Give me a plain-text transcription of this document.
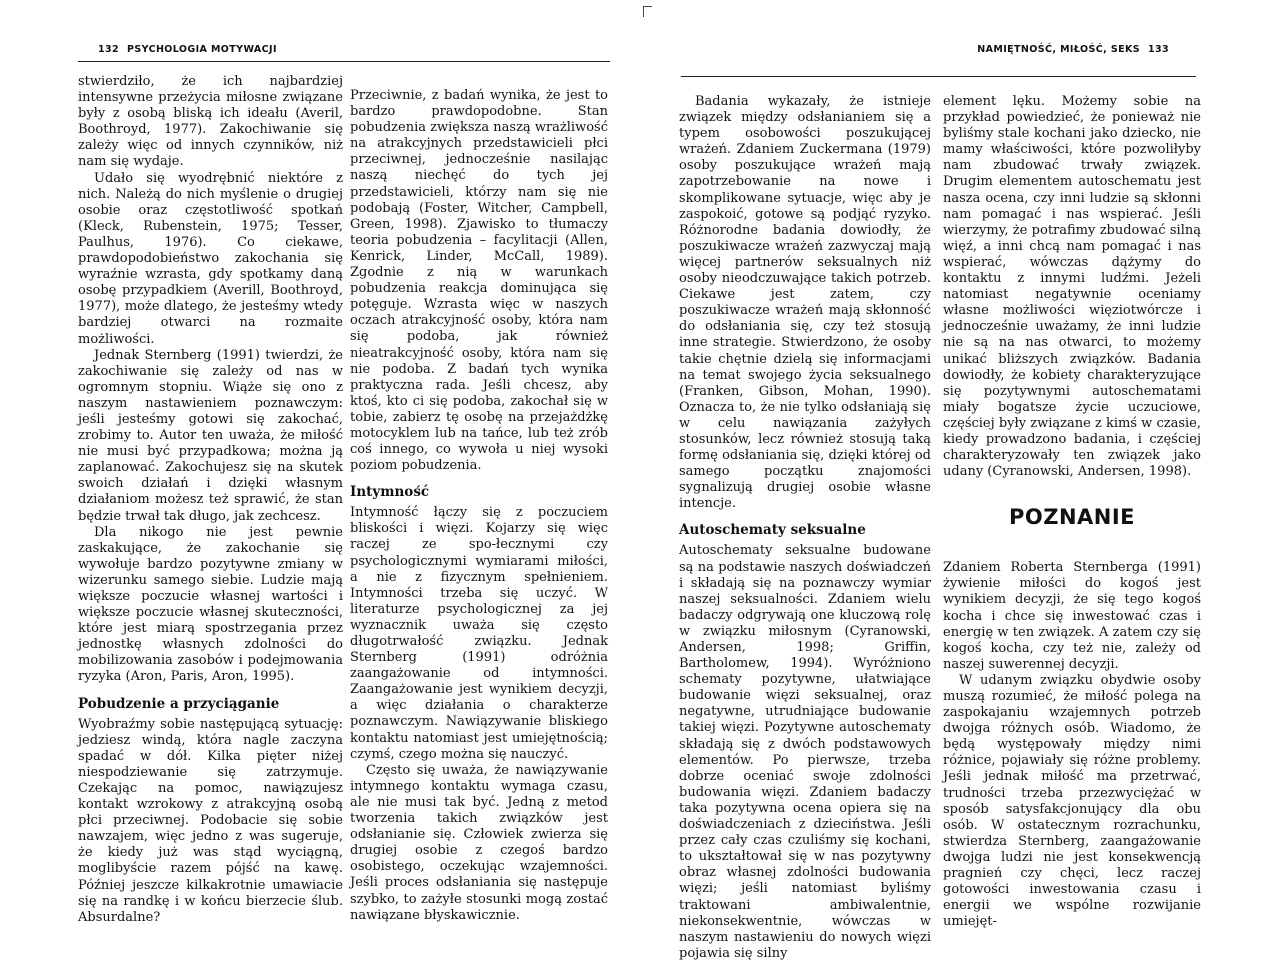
132 PSYCHOLOGIA MOTYWACJI

stwierdziło, że ich najbardziej intensywne przeżycia miłosne związane były z osobą bliską ich ideału (Averil, Boothroyd, 1977). Zakochiwanie się zależy więc od innych czynników, niż nam się wydaje.

Udało się wyodrębnić niektóre z nich. Należą do nich myślenie o drugiej osobie oraz częstotliwość spotkań (Kleck, Rubenstein, 1975; Tesser, Paulhus, 1976). Co ciekawe, prawdopodobieństwo zakochania się wyraźnie wzrasta, gdy spotkamy daną osobę przypadkiem (Averill, Boothroyd, 1977), może dlatego, że jesteśmy wtedy bardziej otwarci na rozmaite możliwości.

Jednak Sternberg (1991) twierdzi, że zakochiwanie się zależy od nas w ogromnym stopniu. Wiąże się ono z naszym nastawieniem poznawczym: jeśli jesteśmy gotowi się zakochać, zrobimy to. Autor ten uważa, że miłość nie musi być przypadkowa; można ją zaplanować. Zakochujesz się na skutek swoich działań i dzięki własnym działaniom możesz też sprawić, że stan będzie trwał tak długo, jak zechcesz.

Dla nikogo nie jest pewnie zaskakujące, że zakochanie się wywołuje bardzo pozytywne zmiany w wizerunku samego siebie. Ludzie mają większe poczucie własnej wartości i większe poczucie własnej skuteczności, które jest miarą spostrzegania przez jednostkę własnych zdolności do mobilizowania zasobów i podejmowania ryzyka (Aron, Paris, Aron, 1995).

Pobudzenie a przyciąganie

Wyobraźmy sobie następującą sytuację: jedziesz windą, która nagle zaczyna spadać w dół. Kilka pięter niżej niespodziewanie się zatrzymuje. Czekając na pomoc, nawiązujesz kontakt wzrokowy z atrakcyjną osobą płci przeciwnej. Podobacie się sobie nawzajem, więc jedno z was sugeruje, że kiedy już was stąd wyciągną, moglibyście razem pójść na kawę. Później jeszcze kilkakrotnie umawiacie się na randkę i w końcu bierzecie ślub. Absurdalne?

Przeciwnie, z badań wynika, że jest to bardzo prawdopodobne. Stan pobudzenia zwiększa naszą wrażliwość na atrakcyjnych przedstawicieli płci przeciwnej, jednocześnie nasilając naszą niechęć do tych jej przedstawicieli, którzy nam się nie podobają (Foster, Witcher, Campbell, Green, 1998). Zjawisko to tłumaczy teoria pobudzenia – facylitacji (Allen, Kenrick, Linder, McCall, 1989). Zgodnie z nią w warunkach pobudzenia reakcja dominująca się potęguje. Wzrasta więc w naszych oczach atrakcyjność osoby, która nam się podoba, jak również nieatrakcyjność osoby, która nam się nie podoba. Z badań tych wynika praktyczna rada. Jeśli chcesz, aby ktoś, kto ci się podoba, zakochał się w tobie, zabierz tę osobę na przejażdżkę motocyklem lub na tańce, lub też zrób coś innego, co wywoła u niej wysoki poziom pobudzenia.

Intymność

Intymność łączy się z poczuciem bliskości i więzi. Kojarzy się więc raczej ze spo-łecznymi czy psychologicznymi wymiarami miłości, a nie z fizycznym spełnieniem. Intymności trzeba się uczyć. W literaturze psychologicznej za jej wyznacznik uważa się często długotrwałość związku. Jednak Sternberg (1991) odróżnia zaangażowanie od intymności. Zaangażowanie jest wynikiem decyzji, a więc działania o charakterze poznawczym. Nawiązywanie bliskiego kontaktu natomiast jest umiejętnością; czymś, czego można się nauczyć.

Często się uważa, że nawiązywanie intymnego kontaktu wymaga czasu, ale nie musi tak być. Jedną z metod tworzenia takich związków jest odsłanianie się. Człowiek zwierza się drugiej osobie z czegoś bardzo osobistego, oczekując wzajemności. Jeśli proces odsłaniania się następuje szybko, to zażyłe stosunki mogą zostać nawiązane błyskawicznie.

NAMIĘTNOŚĆ, MIŁOŚĆ, SEKS 133

Badania wykazały, że istnieje związek między odsłanianiem się a typem osobowości poszukującej wrażeń. Zdaniem Zuckermana (1979) osoby poszukujące wrażeń mają zapotrzebowanie na nowe i skomplikowane sytuacje, więc aby je zaspokoić, gotowe są podjąć ryzyko. Różnorodne badania dowiodły, że poszukiwacze wrażeń zazwyczaj mają więcej partnerów seksualnych niż osoby nieodczuwające takich potrzeb. Ciekawe jest zatem, czy poszukiwacze wrażeń mają skłonność do odsłaniania się, czy też stosują inne strategie. Stwierdzono, że osoby takie chętnie dzielą się informacjami na temat swojego życia seksualnego (Franken, Gibson, Mohan, 1990). Oznacza to, że nie tylko odsłaniają się w celu nawiązania zażyłych stosunków, lecz również stosują taką formę odsłaniania się, dzięki której od samego początku znajomości sygnalizują drugiej osobie własne intencje.

Autoschematy seksualne

Autoschematy seksualne budowane są na podstawie naszych doświadczeń i składają się na poznawczy wymiar naszej seksualności. Zdaniem wielu badaczy odgrywają one kluczową rolę w związku miłosnym (Cyranowski, Andersen, 1998; Griffin, Bartholomew, 1994). Wyróżniono schematy pozytywne, ułatwiające budowanie więzi seksualnej, oraz negatywne, utrudniające budowanie takiej więzi. Pozytywne autoschematy składają się z dwóch podstawowych elementów. Po pierwsze, trzeba dobrze oceniać swoje zdolności budowania więzi. Zdaniem badaczy taka pozytywna ocena opiera się na doświadczeniach z dzieciństwa. Jeśli przez cały czas czuliśmy się kochani, to ukształtował się w nas pozytywny obraz własnej zdolności budowania więzi; jeśli natomiast byliśmy traktowani ambiwalentnie, niekonsekwentnie, wówczas w naszym nastawieniu do nowych więzi pojawia się silny

element lęku. Możemy sobie na przykład powiedzieć, że ponieważ nie byliśmy stale kochani jako dziecko, nie mamy właściwości, które pozwoliłyby nam zbudować trwały związek. Drugim elementem autoschematu jest nasza ocena, czy inni ludzie są skłonni nam pomagać i nas wspierać. Jeśli wierzymy, że potrafimy zbudować silną więź, a inni chcą nam pomagać i nas wspierać, wówczas dążymy do kontaktu z innymi ludźmi. Jeżeli natomiast negatywnie oceniamy własne możliwości więziotwórcze i jednocześnie uważamy, że inni ludzie nie są na nas otwarci, to możemy unikać bliższych związków. Badania dowiodły, że kobiety charakteryzujące się pozytywnymi autoschematami miały bogatsze życie uczuciowe, częściej były związane z kimś w czasie, kiedy prowadzono badania, i częściej charakteryzowały ten związek jako udany (Cyranowski, Andersen, 1998).

POZNANIE

Zdaniem Roberta Sternberga (1991) żywienie miłości do kogoś jest wynikiem decyzji, że się tego kogoś kocha i chce się inwestować czas i energię w ten związek. A zatem czy się kogoś kocha, czy też nie, zależy od naszej suwerennej decyzji.

W udanym związku obydwie osoby muszą rozumieć, że miłość polega na zaspokajaniu wzajemnych potrzeb dwojga różnych osób. Wiadomo, że będą występowały między nimi różnice, pojawiały się różne problemy. Jeśli jednak miłość ma przetrwać, trudności trzeba przezwyciężać w sposób satysfakcjonujący dla obu osób. W ostatecznym rozrachunku, stwierdza Sternberg, zaangażowanie dwojga ludzi nie jest konsekwencją pragnień czy chęci, lecz raczej gotowości inwestowania czasu i energii we wspólne rozwijanie umiejęt-
